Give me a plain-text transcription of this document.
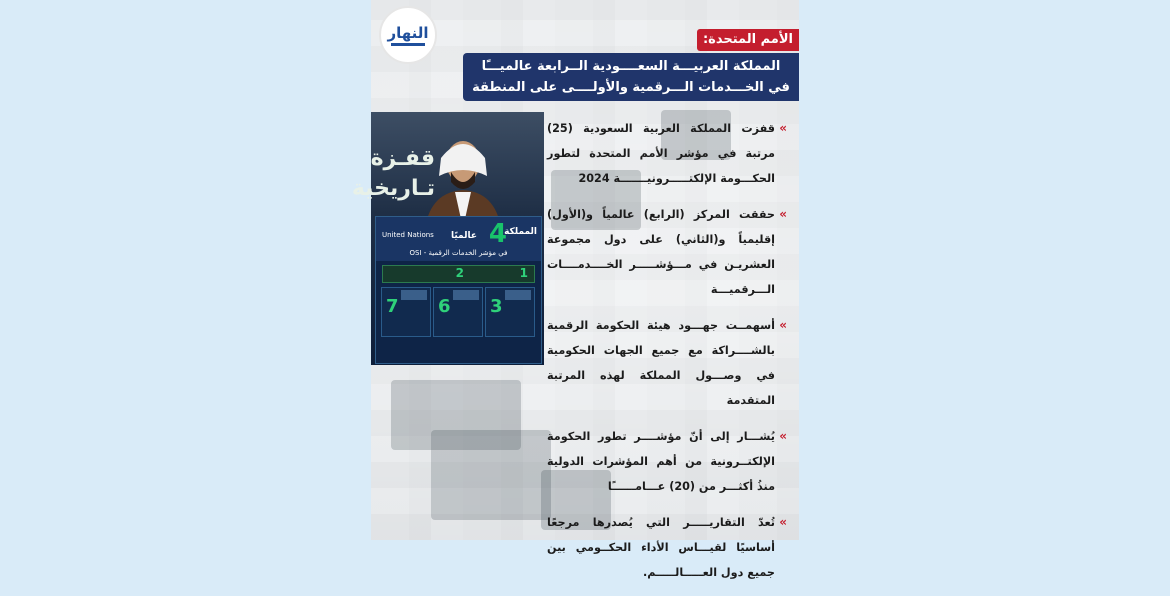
النهار	الأمم المتحدة:
المملكة العربيـــة السعــــودية الــرابعة عالميـــًا
في الخـــدمات الـــرقمية والأولــــى على المنطقة
قفـزة
تـاريخية
المملكة
4
عالميًا
United Nations
في مؤشر الخدمات الرقمية - OSI
1
2
3
6
7
»
قفزت المملكة العربية السعودية (25) مرتبة في مؤشر الأمم المتحدة لتطور الحكـــومة الإلكتـــــرونيـــــــة 2024
»
حققت المركز (الرابع) عالمياً و(الأول) إقليمياً و(الثاني) على دول مجموعة العشريـن في مـــؤشـــــر الخــــدمــــات الـــرقميـــة
»
أسهمــت جهـــود هيئة الحكومة الرقمية بالشــــراكة مع جميع الجهات الحكومية في وصـــول المملكة لهذه المرتبة المتقدمة
»
يُشـــار إلى أنّ مؤشــــر تطور الحكومة الإلكتــرونية من أهم المؤشرات الدولية منذُ أكثـــر من (20) عـــامــــــًا
»
تُعدّ التقاريـــــر التي يُصدرها مرجعًا أساسيًا لقيـــاس الأداء الحكــومي بين جميع دول العـــــالـــــم.
